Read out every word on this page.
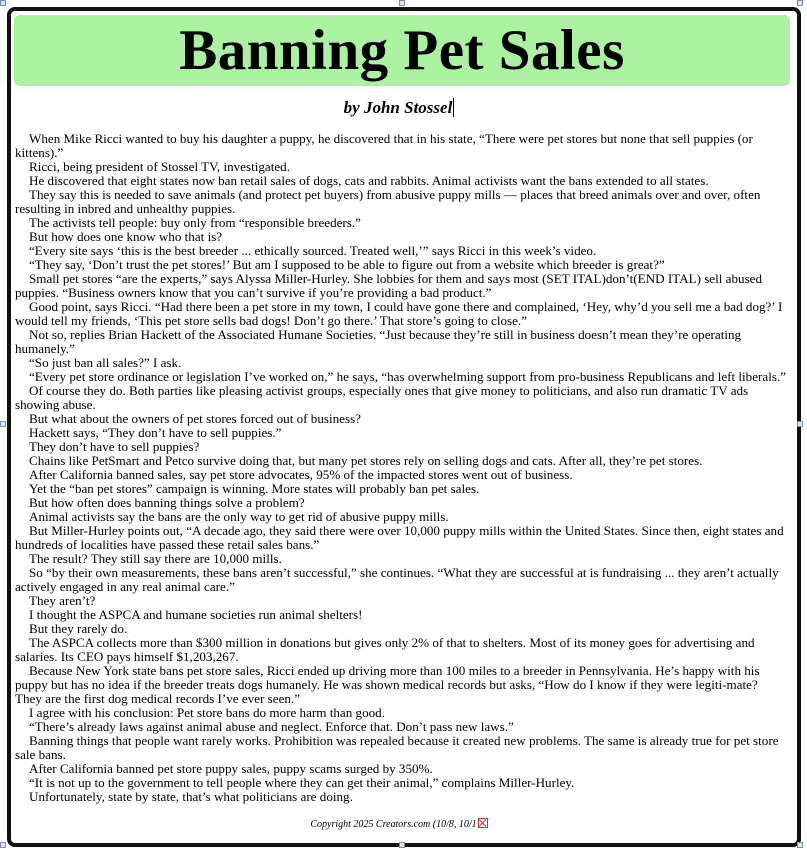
Banning Pet Sales
by John Stossel

When Mike Ricci wanted to buy his daughter a puppy, he discovered that in his state, “There were pet stores but none that sell puppies (or kittens).”

Ricci, being president of Stossel TV, investigated.

He discovered that eight states now ban retail sales of dogs, cats and rabbits. Animal activists want the bans extended to all states.

They say this is needed to save animals (and protect pet buyers) from abusive puppy mills — places that breed animals over and over, often resulting in inbred and unhealthy puppies.

The activists tell people: buy only from “responsible breeders.”

But how does one know who that is?

“Every site says ‘this is the best breeder ... ethically sourced. Treated well,’” says Ricci in this week’s video.

“They say, ‘Don’t trust the pet stores!’ But am I supposed to be able to figure out from a website which breeder is great?”

Small pet stores “are the experts,” says Alyssa Miller-Hurley. She lobbies for them and says most (SET ITAL)don’t(END ITAL) sell abused puppies. “Business owners know that you can’t survive if you’re providing a bad product.”

Good point, says Ricci. “Had there been a pet store in my town, I could have gone there and complained, ‘Hey, why’d you sell me a bad dog?’ I would tell my friends, ‘This pet store sells bad dogs! Don’t go there.’ That store’s going to close.”

Not so, replies Brian Hackett of the Associated Humane Societies. “Just because they’re still in business doesn’t mean they’re operating humanely.”

“So just ban all sales?” I ask.

“Every pet store ordinance or legislation I’ve worked on,” he says, “has overwhelming support from pro-business Republicans and left liberals.”

Of course they do. Both parties like pleasing activist groups, especially ones that give money to politicians, and also run dramatic TV ads showing abuse.

But what about the owners of pet stores forced out of business?

Hackett says, “They don’t have to sell puppies.”

They don’t have to sell puppies?

Chains like PetSmart and Petco survive doing that, but many pet stores rely on selling dogs and cats. After all, they’re pet stores.

After California banned sales, say pet store advocates, 95% of the impacted stores went out of business.

Yet the “ban pet stores” campaign is winning. More states will probably ban pet sales.

But how often does banning things solve a problem?

Animal activists say the bans are the only way to get rid of abusive puppy mills.

But Miller-Hurley points out, “A decade ago, they said there were over 10,000 puppy mills within the United States. Since then, eight states and hundreds of localities have passed these retail sales bans.”

The result? They still say there are 10,000 mills.

So “by their own measurements, these bans aren’t successful,” she continues. “What they are successful at is fundraising ... they aren’t actually actively engaged in any real animal care.”

They aren’t?

I thought the ASPCA and humane societies run animal shelters!

But they rarely do.

The ASPCA collects more than $300 million in donations but gives only 2% of that to shelters. Most of its money goes for advertising and salaries. Its CEO pays himself $1,203,267.

Because New York state bans pet store sales, Ricci ended up driving more than 100 miles to a breeder in Pennsylvania. He’s happy with his puppy but has no idea if the breeder treats dogs humanely. He was shown medical records but asks, “How do I know if they were legiti-mate? They are the first dog medical records I’ve ever seen.”

I agree with his conclusion: Pet store bans do more harm than good.

“There’s already laws against animal abuse and neglect. Enforce that. Don’t pass new laws.”

Banning things that people want rarely works. Prohibition was repealed because it created new problems. The same is already true for pet store sale bans.

After California banned pet store puppy sales, puppy scams surged by 350%.

“It is not up to the government to tell people where they can get their animal,” complains Miller-Hurley.

Unfortunately, state by state, that’s what politicians are doing.

Copyright 2025 Creators.com (10/8, 10/1
